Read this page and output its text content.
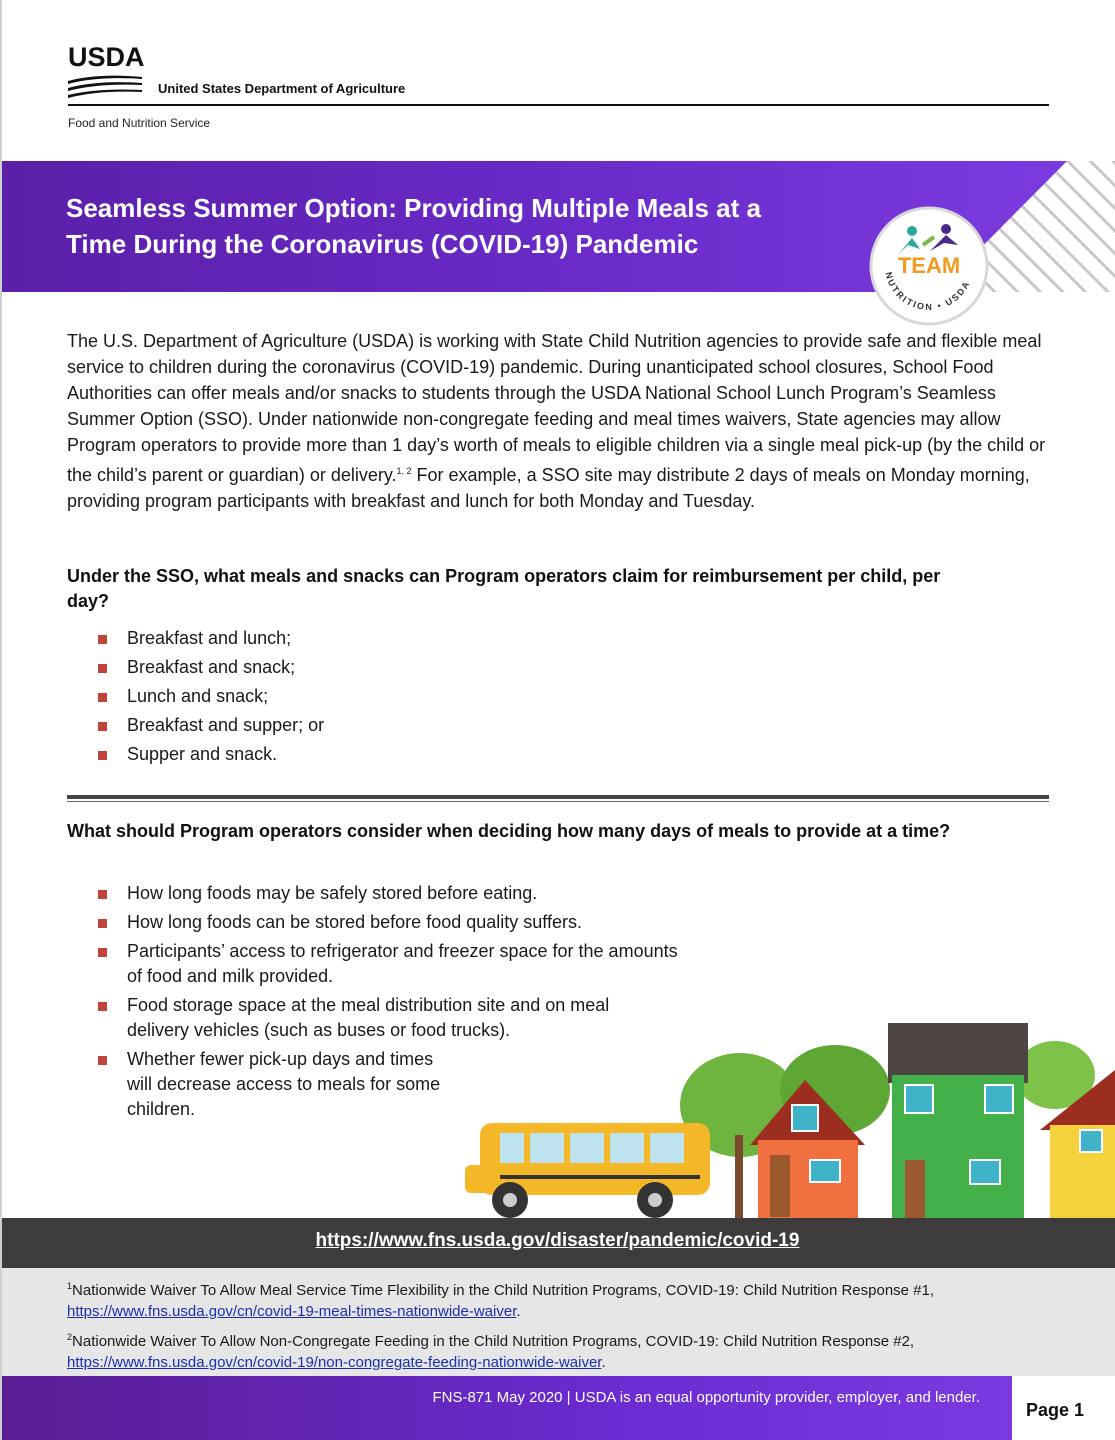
USDA
United States Department of Agriculture
Food and Nutrition Service
Seamless Summer Option: Providing Multiple Meals at a
Time During the Coronavirus (COVID-19) Pandemic
TEAM
NUTRITION • USDA
The U.S. Department of Agriculture (USDA) is working with State Child Nutrition agencies to provide safe and flexible meal service to children during the coronavirus (COVID-19) pandemic. During unanticipated school closures, School Food Authorities can offer meals and/or snacks to students through the USDA National School Lunch Program’s Seamless Summer Option (SSO). Under nationwide non-congregate feeding and meal times waivers, State agencies may allow Program operators to provide more than 1 day’s worth of meals to eligible children via a single meal pick-up (by the child or the child’s parent or guardian) or delivery.$^{1, 2}$ For example, a SSO site may distribute 2 days of meals on Monday morning, providing program participants with breakfast and lunch for both Monday and Tuesday.
Under the SSO, what meals and snacks can Program operators claim for reimbursement per child, per day?
Breakfast and lunch;
Breakfast and snack;
Lunch and snack;
Breakfast and supper; or
Supper and snack.
What should Program operators consider when deciding how many days of meals to provide at a time?
How long foods may be safely stored before eating.
How long foods can be stored before food quality suffers.
Participants’ access to refrigerator and freezer space for the amounts of food and milk provided.
Food storage space at the meal distribution site and on meal delivery vehicles (such as buses or food trucks).
Whether fewer pick-up days and times will decrease access to meals for some children.
https://www.fns.usda.gov/disaster/pandemic/covid-19
$^1$Nationwide Waiver To Allow Meal Service Time Flexibility in the Child Nutrition Programs, COVID-19: Child Nutrition Response #1,
https://www.fns.usda.gov/cn/covid-19-meal-times-nationwide-waiver.
$^2$Nationwide Waiver To Allow Non-Congregate Feeding in the Child Nutrition Programs, COVID-19: Child Nutrition Response #2,
https://www.fns.usda.gov/cn/covid-19/non-congregate-feeding-nationwide-waiver.
FNS-871 May 2020 | USDA is an equal opportunity provider, employer, and lender.
Page 1
